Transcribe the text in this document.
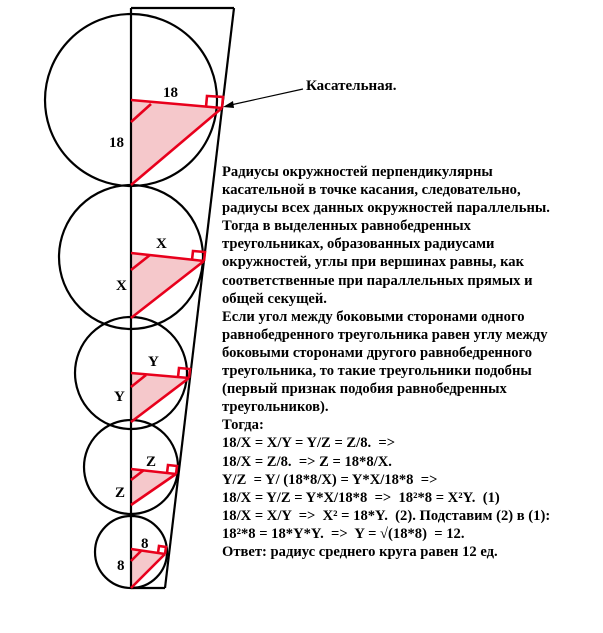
18
18
X
X
Y
Y
Z
Z
8
8
Касательная.
Радиусы окружностей перпендикулярны
касательной в точке касания, следовательно,
радиусы всех данных окружностей параллельны.
Тогда в выделенных равнобедренных
треугольниках, образованных радиусами
окружностей, углы при вершинах равны, как
соответственные при параллельных прямых и
общей секущей.
Если угол между боковыми сторонами одного
равнобедренного треугольника равен углу между
боковыми сторонами другого равнобедренного
треугольника, то такие треугольники подобны
(первый признак подобия равнобедренных
треугольников).
Тогда:
18/X = X/Y = Y/Z = Z/8.  =>
18/X = Z/8.  => Z = 18*8/X.
Y/Z  = Y/ (18*8/X) = Y*X/18*8  =>
18/X = Y/Z = Y*X/18*8  =>  18²*8 = X²Y.  (1)
18/X = X/Y  =>  X² = 18*Y.  (2). Подставим (2) в (1):
18²*8 = 18*Y*Y.  =>  Y = √(18*8)  = 12.
Ответ: радиус среднего круга равен 12 ед.
